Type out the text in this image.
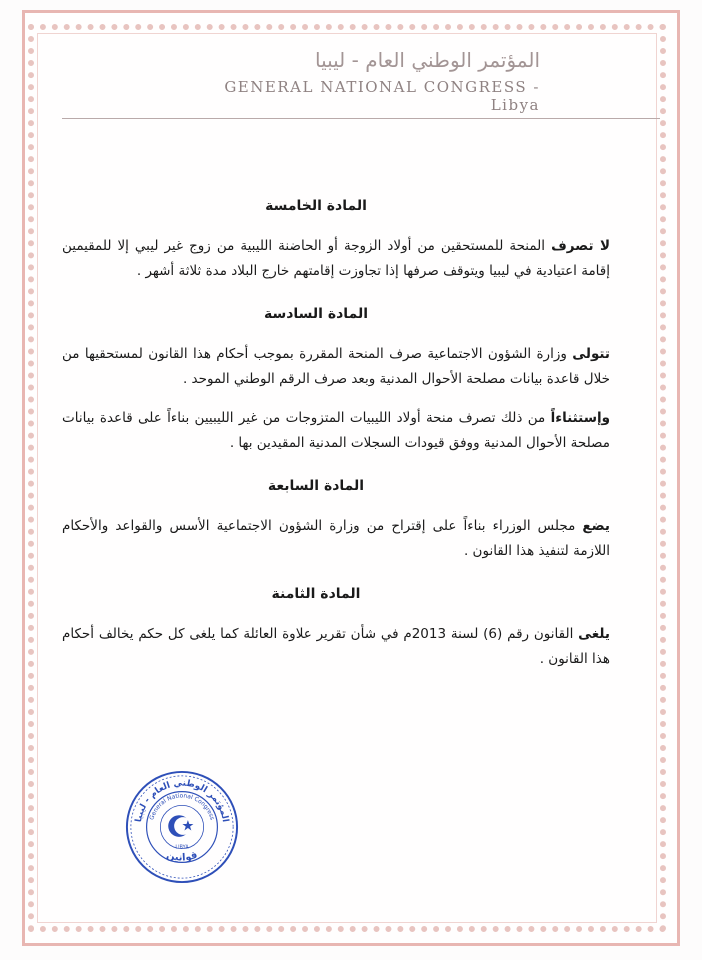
المؤتمر الوطني العام - ليبيا
GENERAL NATIONAL CONGRESS - Libya
المادة الخامسة

لا تصرف المنحة للمستحقين من أولاد الزوجة أو الحاضنة الليبية من زوج غير ليبي إلا للمقيمين إقامة اعتيادية في ليبيا ويتوقف صرفها إذا تجاوزت إقامتهم خارج البلاد مدة ثلاثة أشهر .

المادة السادسة

تتولى وزارة الشؤون الاجتماعية صرف المنحة المقررة بموجب أحكام هذا القانون لمستحقيها من خلال قاعدة بيانات مصلحة الأحوال المدنية وبعد صرف الرقم الوطني الموحد .

وإستثناءاً من ذلك تصرف منحة أولاد الليبيات المتزوجات من غير الليبيين بناءاً على قاعدة بيانات مصلحة الأحوال المدنية ووفق قيودات السجلات المدنية المقيدين بها .

المادة السابعة

يضع مجلس الوزراء بناءاً على إقتراح من وزارة الشؤون الاجتماعية الأسس والقواعد والأحكام اللازمة لتنفيذ هذا القانون .

المادة الثامنة

يلغى القانون رقم (6) لسنة 2013م في شأن تقرير علاوة العائلة كما يلغى كل حكم يخالف أحكام هذا القانون .

المؤتمر الوطني العام - ليبيا
General National Congress
LIBYA
قوانين
